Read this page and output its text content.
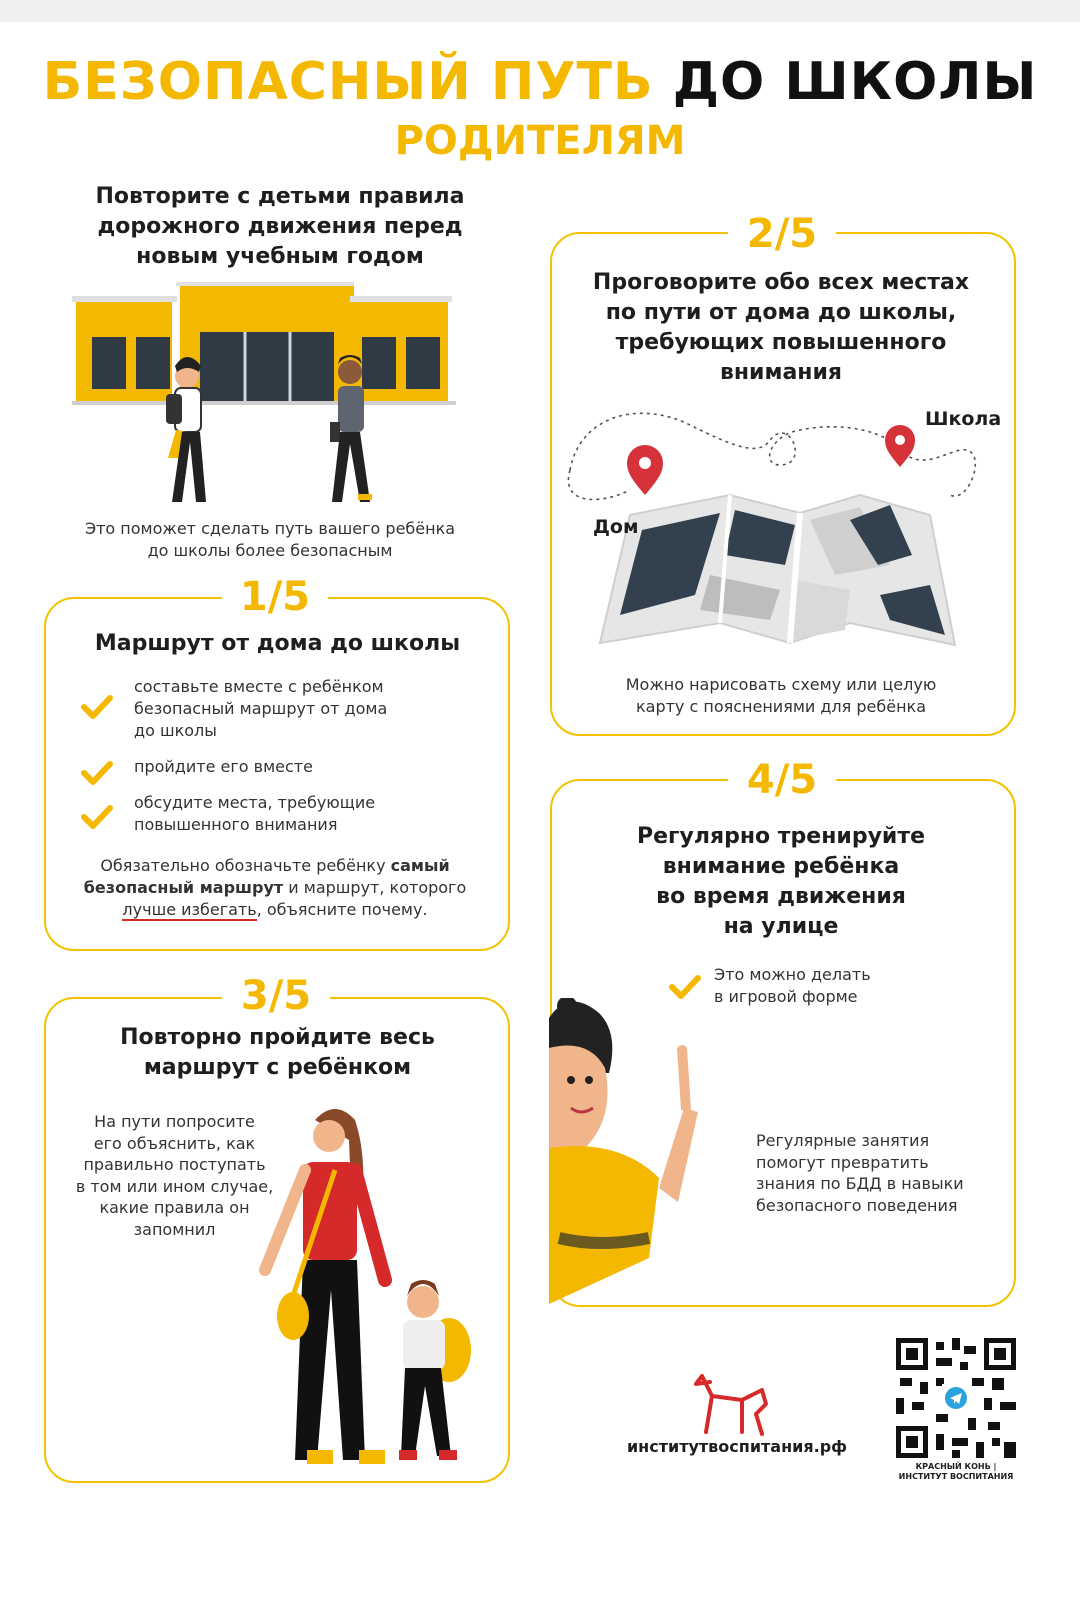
БЕЗОПАСНЫЙ ПУТЬ ДО ШКОЛЫ
РОДИТЕЛЯМ
Повторите с детьми правила
дорожного движения перед
новым учебным годом
Это поможет сделать путь вашего ребёнка
до школы более безопасным
1/5
Маршрут от дома до школы
составьте вместе с ребёнком
безопасный маршрут от дома
до школы
пройдите его вместе
обсудите места, требующие
повышенного внимания
Обязательно обозначьте ребёнку самый
безопасный маршрут и маршрут, которого
лучше избегать, объясните почему.
2/5
Проговорите обо всех местах
по пути от дома до школы,
требующих повышенного
внимания
Дом
Школа
Можно нарисовать схему или целую
карту с пояснениями для ребёнка
3/5
Повторно пройдите весь
маршрут с ребёнком
На пути попросите
его объяснить, как
правильно поступать
в том или ином случае,
какие правила он
запомнил
4/5
Регулярно тренируйте
внимание ребёнка
во время движения
на улице
Это можно делать
в игровой форме
Регулярные занятия
помогут превратить
знания по БДД в навыки
безопасного поведения
институтвоспитания.рф
КРАСНЫЙ КОНЬ |
ИНСТИТУТ ВОСПИТАНИЯ
